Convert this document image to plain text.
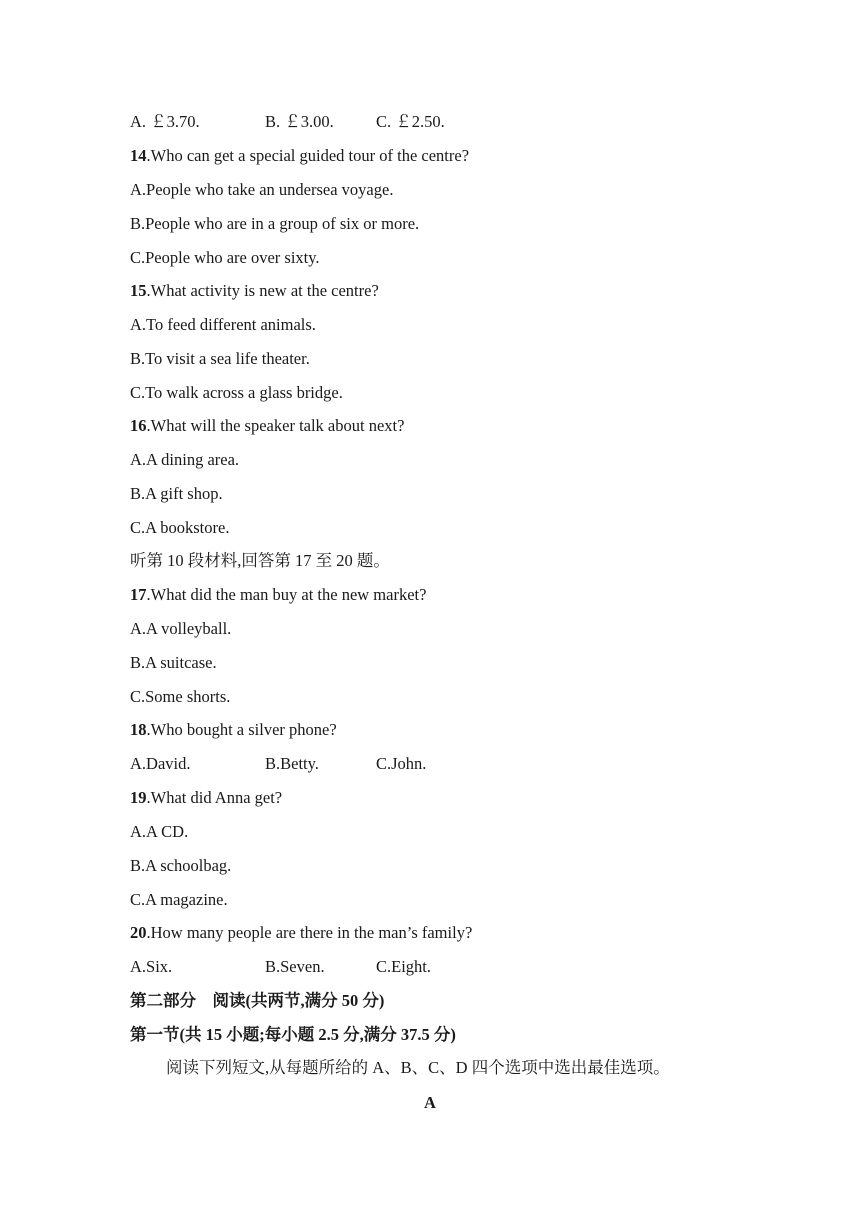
A. ￡3.70.	B. ￡3.00.	C. ￡2.50.
14.Who can get a special guided tour of the centre?
A.People who take an undersea voyage.
B.People who are in a group of six or more.
C.People who are over sixty.
15.What activity is new at the centre?
A.To feed different animals.
B.To visit a sea life theater.
C.To walk across a glass bridge.
16.What will the speaker talk about next?
A.A dining area.
B.A gift shop.
C.A bookstore.
听第 10 段材料,回答第 17 至 20 题。
17.What did the man buy at the new market?
A.A volleyball.
B.A suitcase.
C.Some shorts.
18.Who bought a silver phone?
A.David.	B.Betty.	C.John.
19.What did Anna get?
A.A CD.
B.A schoolbag.
C.A magazine.
20.How many people are there in the man’s family?
A.Six.	B.Seven.	C.Eight.
第二部分　阅读(共两节,满分 50 分)
第一节(共 15 小题;每小题 2.5 分,满分 37.5 分)
阅读下列短文,从每题所给的 A、B、C、D 四个选项中选出最佳选项。
A
